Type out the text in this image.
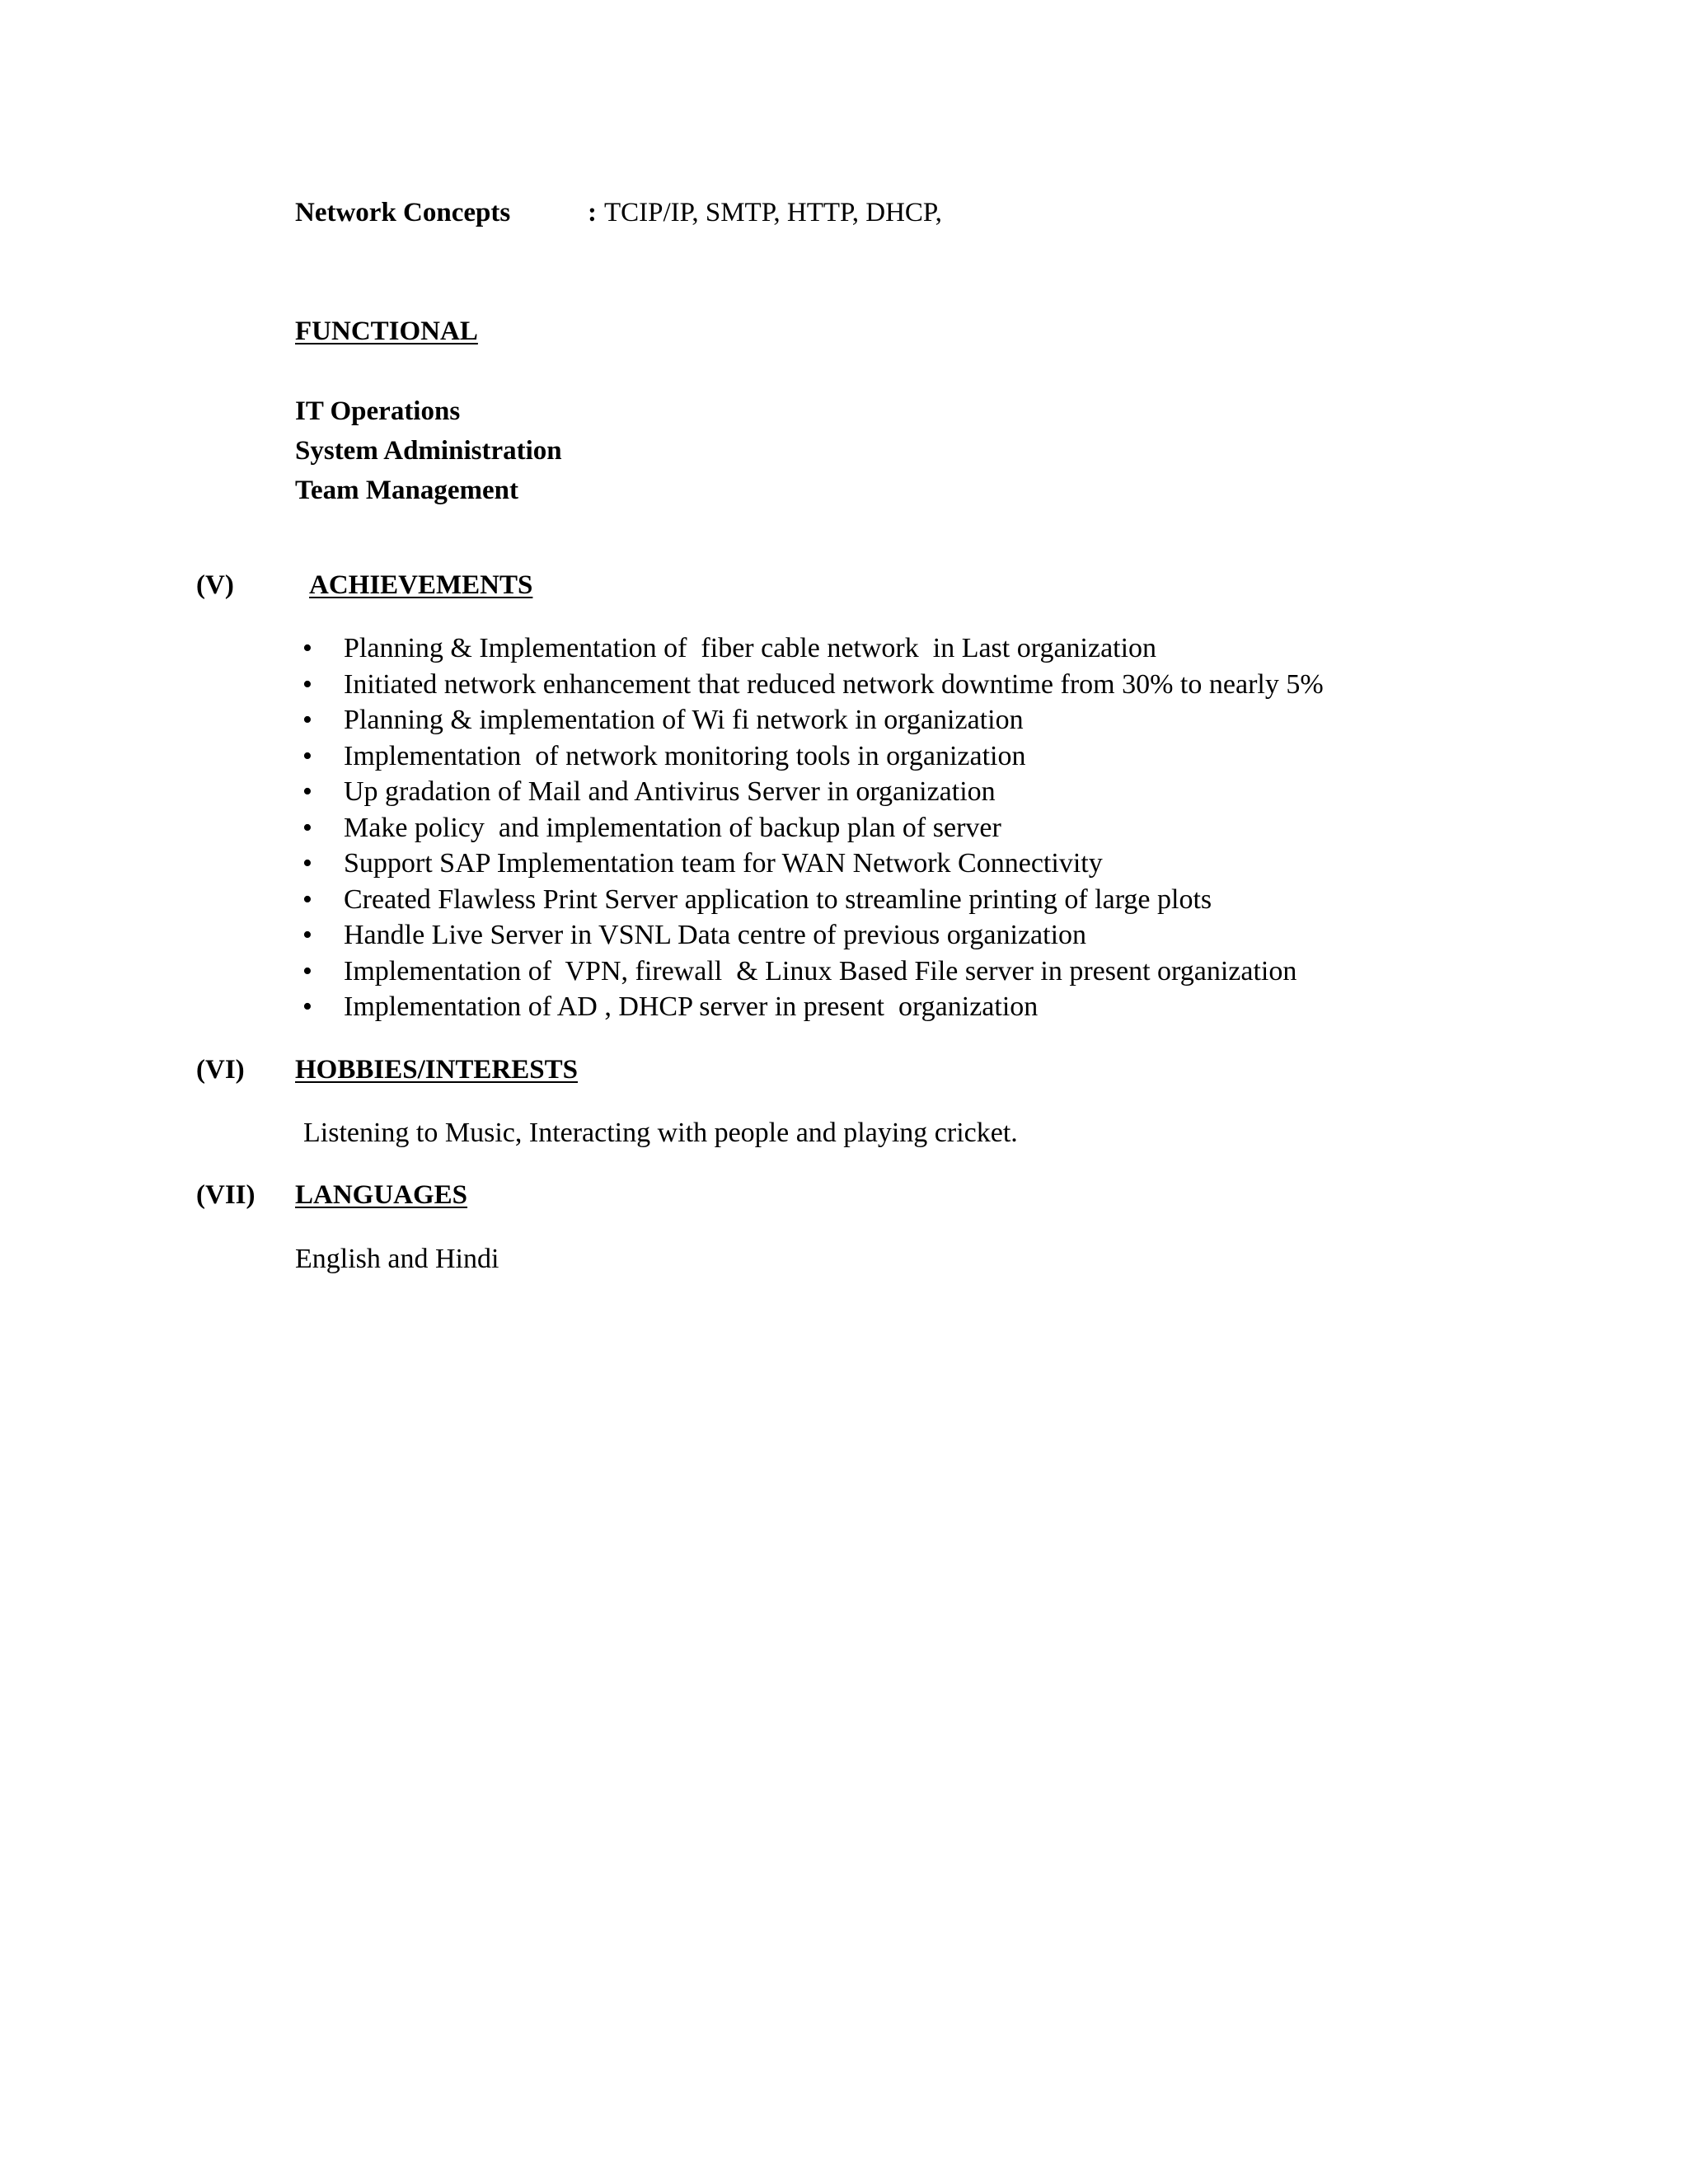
Network Concepts	: TCIP/IP, SMTP, HTTP, DHCP,
FUNCTIONAL
IT Operations
System Administration
Team Management
(V)	ACHIEVEMENTS
• Planning & Implementation of  fiber cable network  in Last organization
• Initiated network enhancement that reduced network downtime from 30% to nearly 5%
• Planning & implementation of Wi fi network in organization
• Implementation  of network monitoring tools in organization
• Up gradation of Mail and Antivirus Server in organization
• Make policy  and implementation of backup plan of server
• Support SAP Implementation team for WAN Network Connectivity
• Created Flawless Print Server application to streamline printing of large plots
• Handle Live Server in VSNL Data centre of previous organization
• Implementation of  VPN, firewall  & Linux Based File server in present organization
• Implementation of AD , DHCP server in present  organization
(VI) HOBBIES/INTERESTS
Listening to Music, Interacting with people and playing cricket.
(VII) LANGUAGES
English and Hindi
